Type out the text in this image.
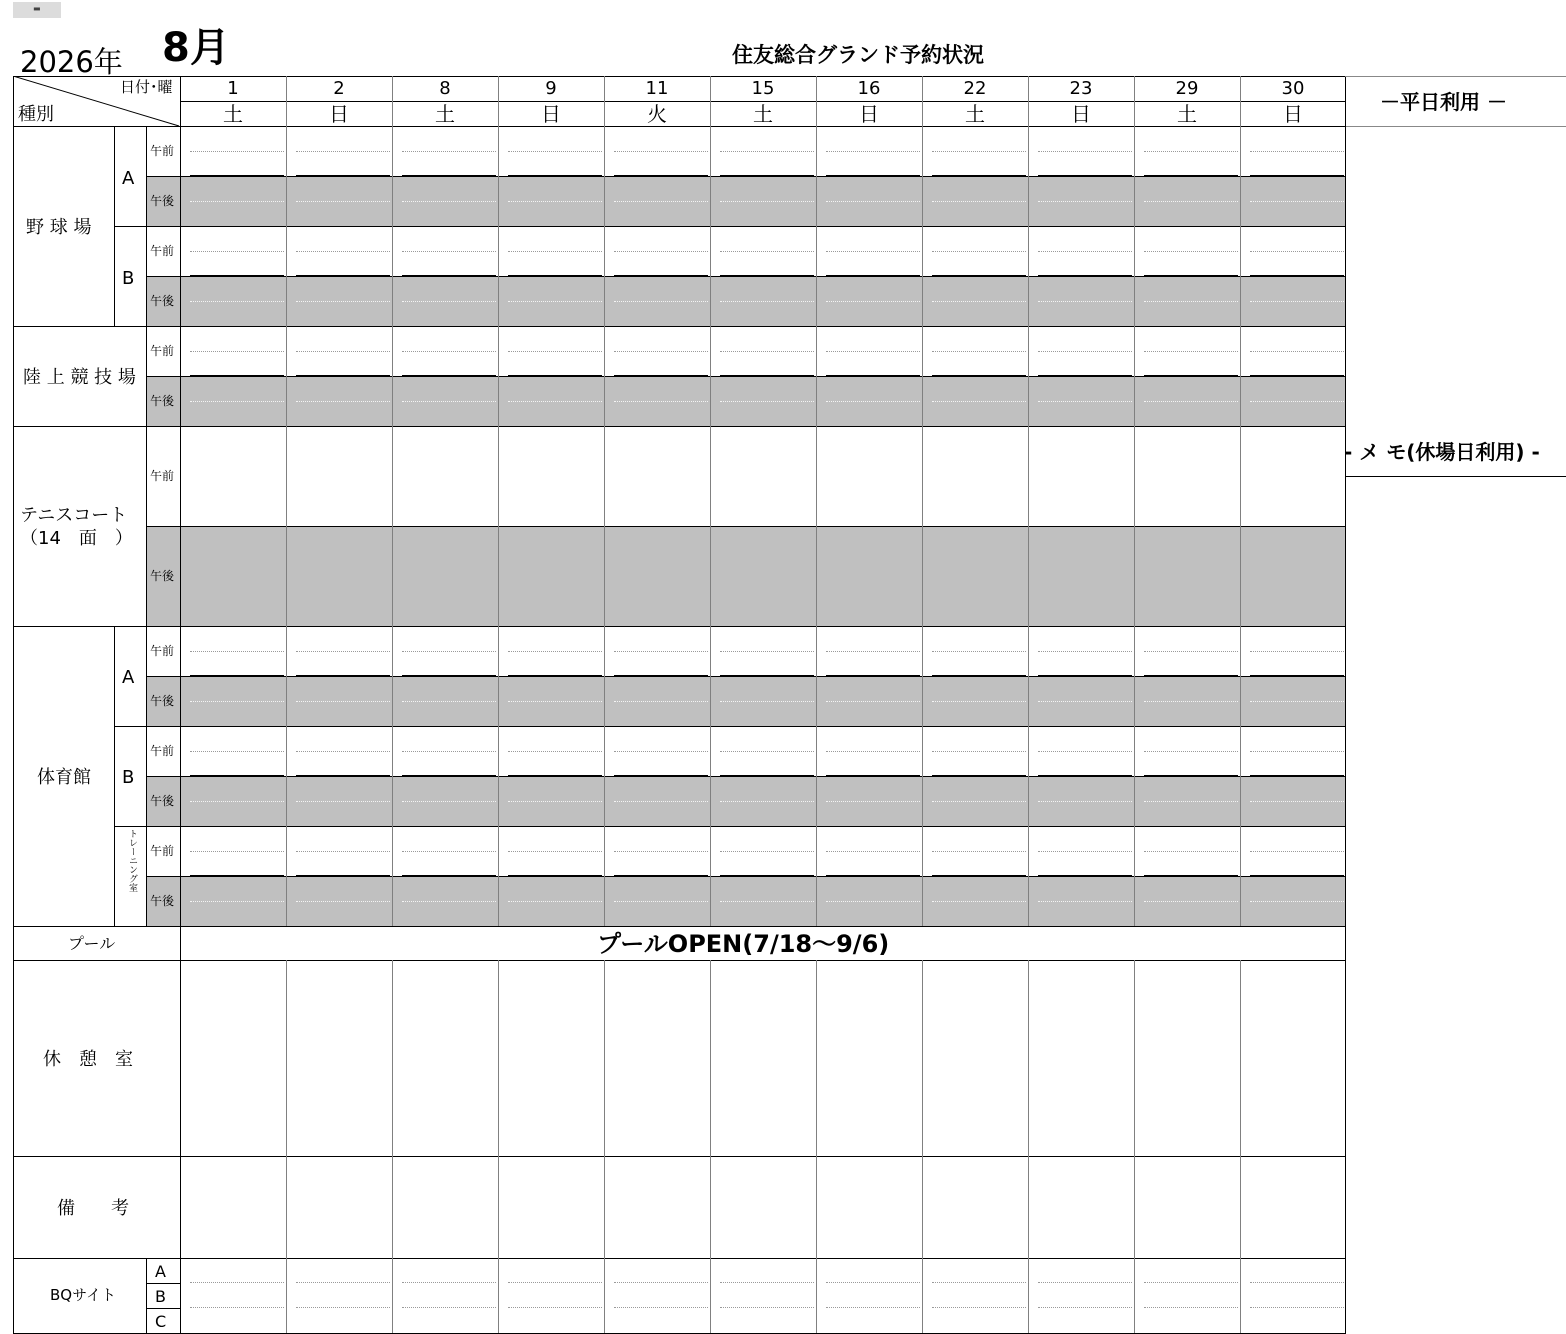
▬
2026年 8月	住友総合グランド予約状況
日付･曜
種別
野 球 場
A
B
陸 上 競 技 場
テニスコート
（14　面　）
体育館
A
B
トレーニング室
プール	プールOPEN(7/18～9/6)
休　憩　室
備　　考
BQサイト
A
B
C
－平日利用 －
- メ モ(休場日利用) -
1
土
2
日
8
土
9
日
11
火
15
土
16
日
22
土
23
日
29
土
30
日
午前
午後
午前
午後
午前
午後
午前
午後
午前
午後
午前
午後
午前
午後
